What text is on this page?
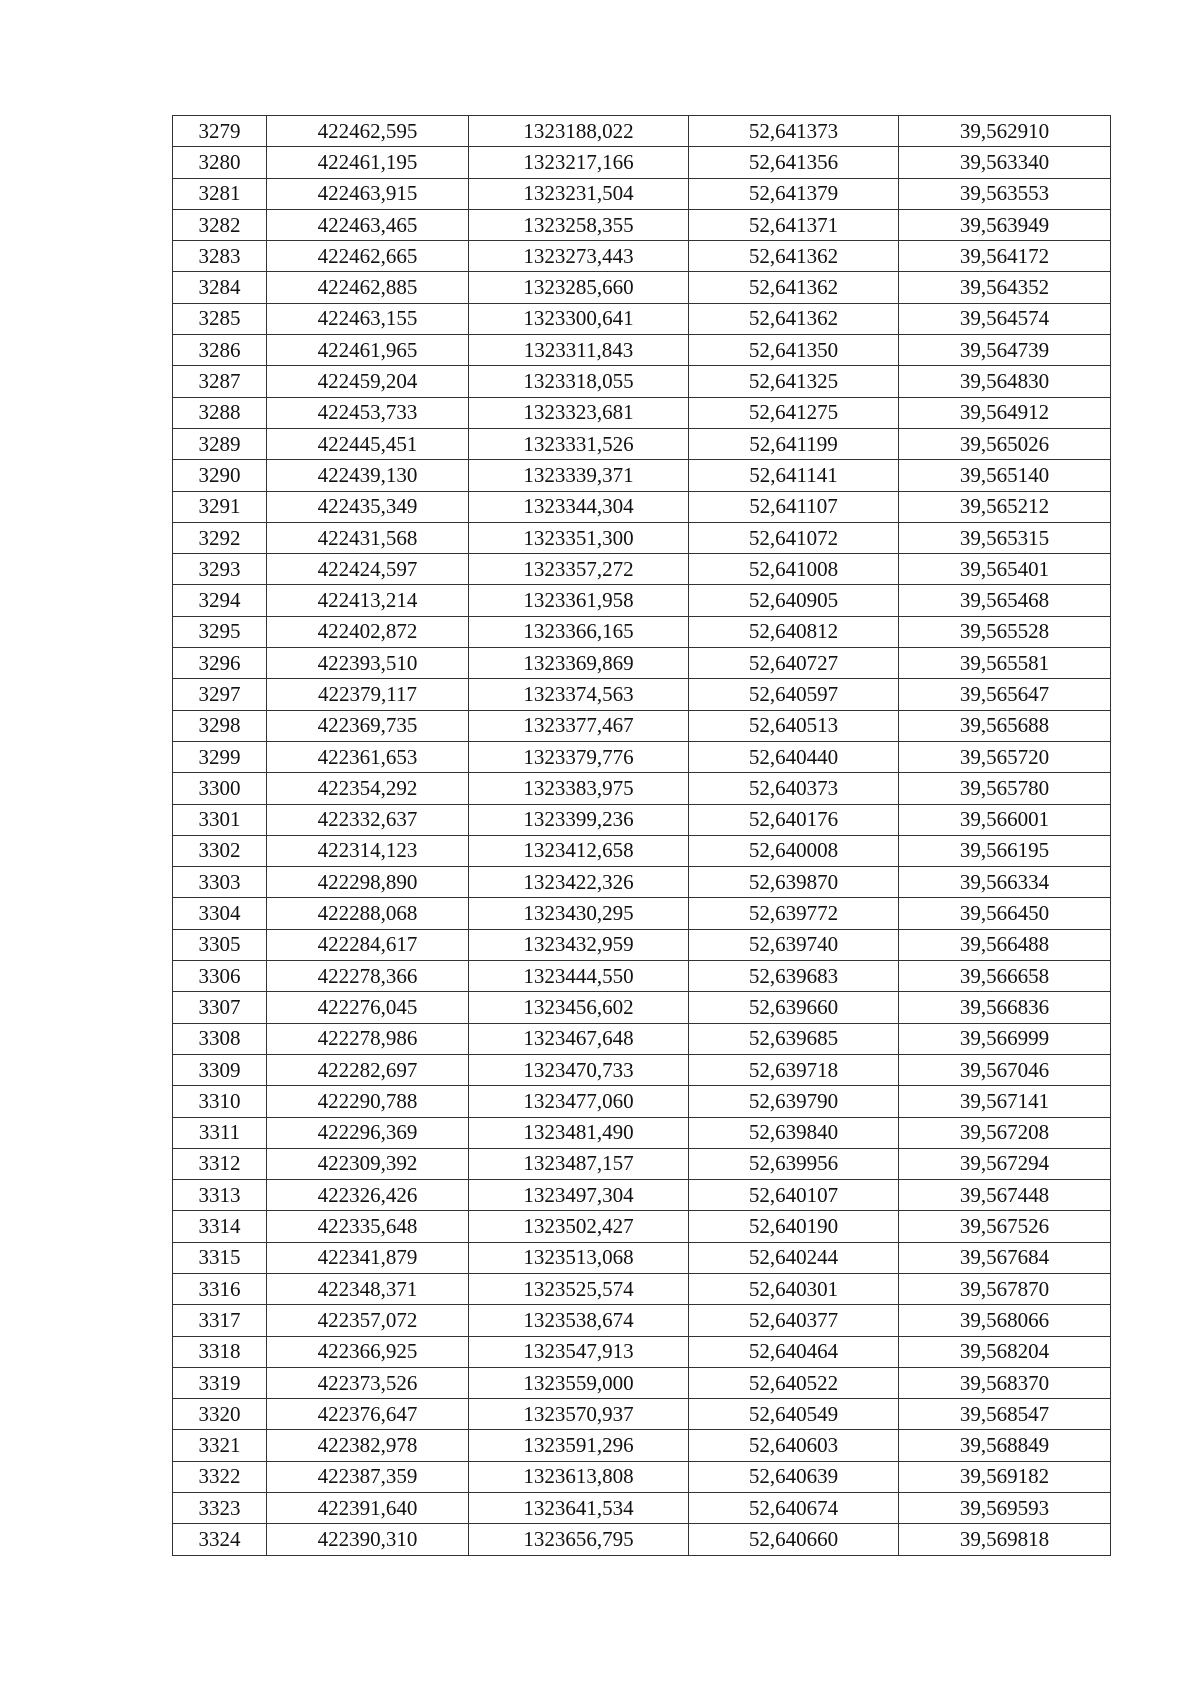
3279	422462,595	1323188,022	52,641373	39,562910
3280	422461,195	1323217,166	52,641356	39,563340
3281	422463,915	1323231,504	52,641379	39,563553
3282	422463,465	1323258,355	52,641371	39,563949
3283	422462,665	1323273,443	52,641362	39,564172
3284	422462,885	1323285,660	52,641362	39,564352
3285	422463,155	1323300,641	52,641362	39,564574
3286	422461,965	1323311,843	52,641350	39,564739
3287	422459,204	1323318,055	52,641325	39,564830
3288	422453,733	1323323,681	52,641275	39,564912
3289	422445,451	1323331,526	52,641199	39,565026
3290	422439,130	1323339,371	52,641141	39,565140
3291	422435,349	1323344,304	52,641107	39,565212
3292	422431,568	1323351,300	52,641072	39,565315
3293	422424,597	1323357,272	52,641008	39,565401
3294	422413,214	1323361,958	52,640905	39,565468
3295	422402,872	1323366,165	52,640812	39,565528
3296	422393,510	1323369,869	52,640727	39,565581
3297	422379,117	1323374,563	52,640597	39,565647
3298	422369,735	1323377,467	52,640513	39,565688
3299	422361,653	1323379,776	52,640440	39,565720
3300	422354,292	1323383,975	52,640373	39,565780
3301	422332,637	1323399,236	52,640176	39,566001
3302	422314,123	1323412,658	52,640008	39,566195
3303	422298,890	1323422,326	52,639870	39,566334
3304	422288,068	1323430,295	52,639772	39,566450
3305	422284,617	1323432,959	52,639740	39,566488
3306	422278,366	1323444,550	52,639683	39,566658
3307	422276,045	1323456,602	52,639660	39,566836
3308	422278,986	1323467,648	52,639685	39,566999
3309	422282,697	1323470,733	52,639718	39,567046
3310	422290,788	1323477,060	52,639790	39,567141
3311	422296,369	1323481,490	52,639840	39,567208
3312	422309,392	1323487,157	52,639956	39,567294
3313	422326,426	1323497,304	52,640107	39,567448
3314	422335,648	1323502,427	52,640190	39,567526
3315	422341,879	1323513,068	52,640244	39,567684
3316	422348,371	1323525,574	52,640301	39,567870
3317	422357,072	1323538,674	52,640377	39,568066
3318	422366,925	1323547,913	52,640464	39,568204
3319	422373,526	1323559,000	52,640522	39,568370
3320	422376,647	1323570,937	52,640549	39,568547
3321	422382,978	1323591,296	52,640603	39,568849
3322	422387,359	1323613,808	52,640639	39,569182
3323	422391,640	1323641,534	52,640674	39,569593
3324	422390,310	1323656,795	52,640660	39,569818
